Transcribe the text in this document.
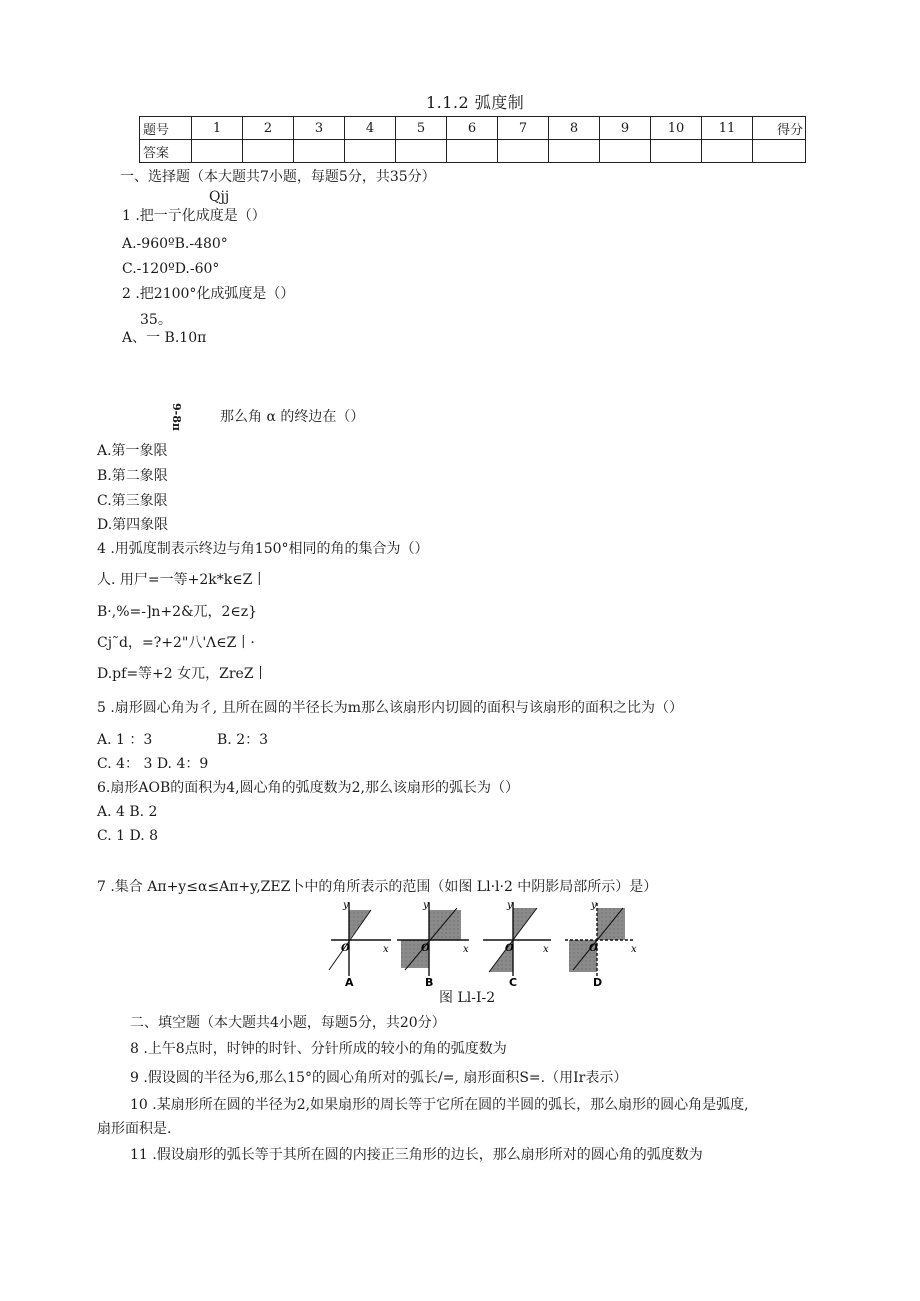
1.1.2 弧度制
题号	1	2	3	4	5	6	7	8	9	10	11	得分
答案												
一、选择题（本大题共7小题，每题5分，共35分）
Qjj
1 .把一亍化成度是（）
A.-960ºB.-480°
C.-120ºD.-60°
2 .把2100°化成弧度是（）
35。
A、一 B.10π
9-8π	那么角 α 的终边在（）
A.第一象限
B.第二象限
C.第三象限
D.第四象限
4 .用弧度制表示终边与角150°相同的角的集合为（）
人. 用尸=一等+2k*k∈Z丨
B·,%=-]n+2&兀，2∈z}
Cj˜d，=?+2"八'Λ∈Z丨·
D.pf=等+2 女兀，ZreZ丨
5 .扇形圆心角为彳, 且所在圆的半径长为m那么该扇形内切圆的面积与该扇形的面积之比为（）
A. 1 ：3	B. 2：3
C. 4： 3 D. 4：9
6.扇形AOB的面积为4,圆心角的弧度数为2,那么该扇形的弧长为（）
A. 4 B. 2
C. 1 D. 8
7 .集合 Aπ+y≤α≤Aπ+y,ZEZ卜中的角所表示的范围（如图 Ll·l·2 中阴影局部所示）是）
y
O	x
A
y
O	x
B
y
O	x
C
y
O	x
D
图 Ll-I-2
二、填空题（本大题共4小题，每题5分，共20分）
8 .上午8点时，时钟的时针、分针所成的较小的角的弧度数为
9 .假设圆的半径为6,那么15°的圆心角所对的弧长/=, 扇形面积S=.（用Ir表示）
10 .某扇形所在圆的半径为2,如果扇形的周长等于它所在圆的半圆的弧长，那么扇形的圆心角是弧度,
扇形面积是.
11 .假设扇形的弧长等于其所在圆的内接正三角形的边长，那么扇形所对的圆心角的弧度数为
